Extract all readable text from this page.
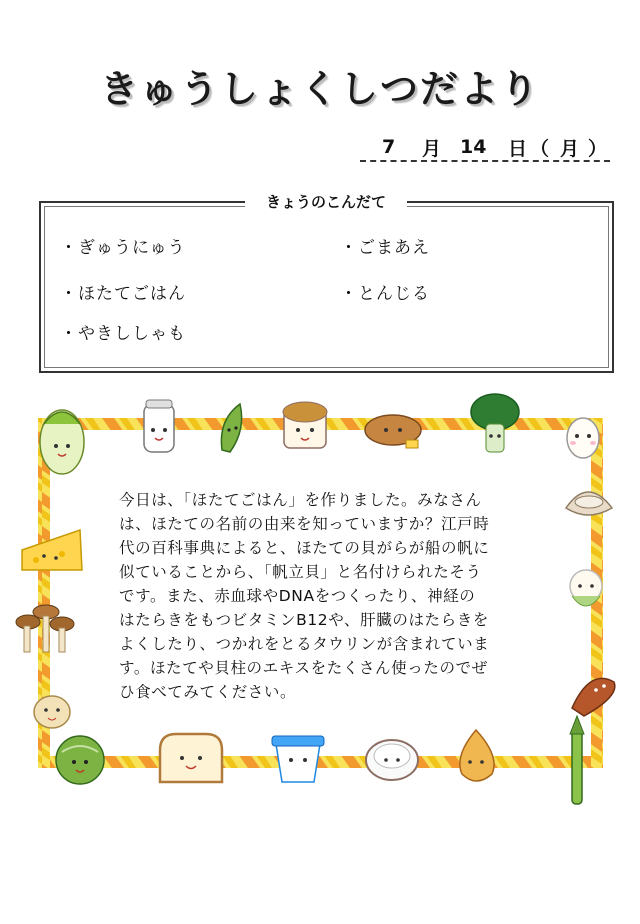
きゅうしょくしつだより
7 月 14 日 （ 月 ）
きょうのこんだて
・ぎゅうにゅう
・ほたてごはん
・やきししゃも
・ごまあえ
・とんじる
今日は、「ほたてごはん」を作りました。みなさん
は、ほたての名前の由来を知っていますか？江戸時
代の百科事典によると、ほたての貝がらが船の帆に
似ていることから、「帆立貝」と名付けられたそう
です。また、赤血球やDNAをつくったり、神経の
はたらきをもつビタミンB12や、肝臓のはたらきを
よくしたり、つかれをとるタウリンが含まれていま
す。ほたてや貝柱のエキスをたくさん使ったのでぜ
ひ食べてみてください。
